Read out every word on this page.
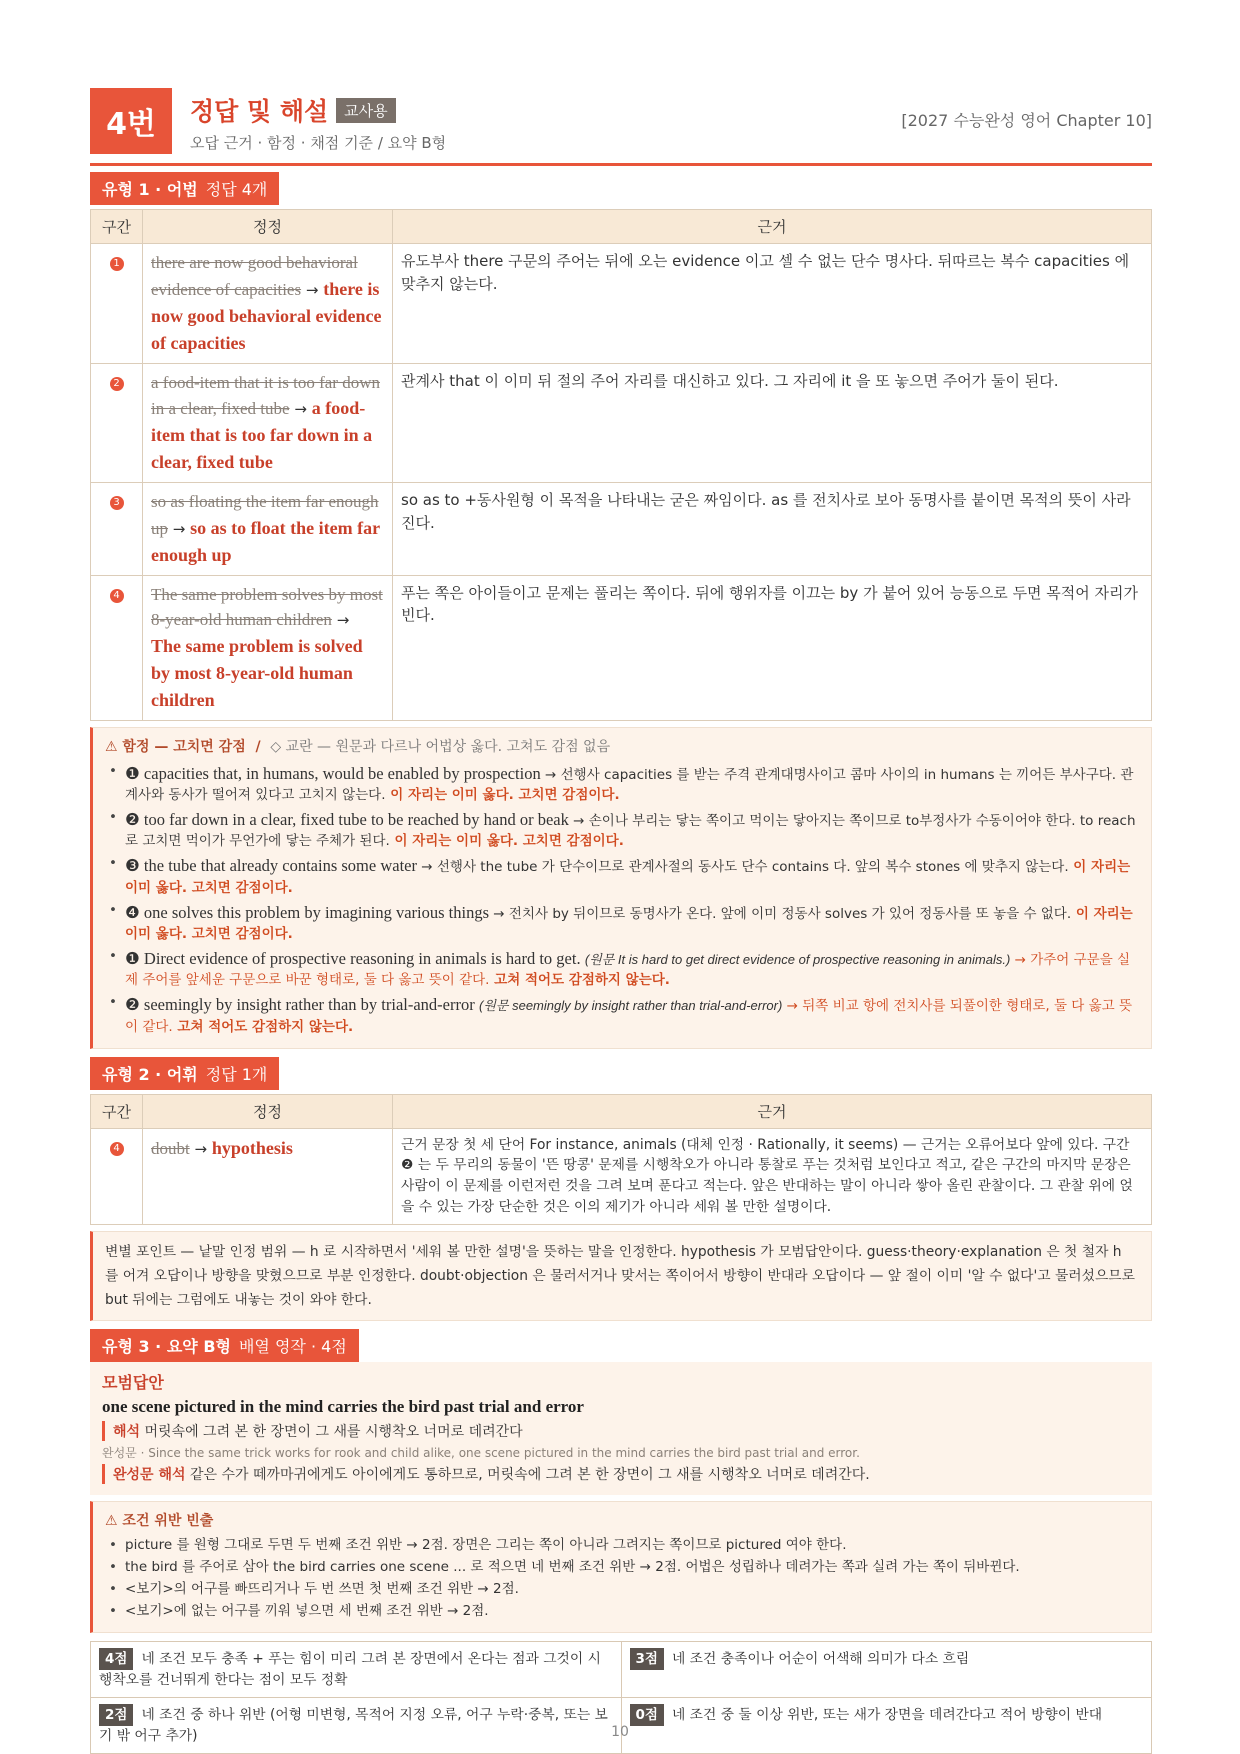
4번	정답 및 해설 교사용
오답 근거 · 함정 · 채점 기준 / 요약 B형
[2027 수능완성 영어 Chapter 10]
유형 1 · 어법 정답 4개
구간	정정	근거
1	there are now good behavioral evidence of capacities → there is now good behavioral evidence of capacities	유도부사 there 구문의 주어는 뒤에 오는 evidence 이고 셀 수 없는 단수 명사다. 뒤따르는 복수 capacities 에 맞추지 않는다.
2	a food-item that it is too far down in a clear, fixed tube → a food-item that is too far down in a clear, fixed tube	관계사 that 이 이미 뒤 절의 주어 자리를 대신하고 있다. 그 자리에 it 을 또 놓으면 주어가 둘이 된다.
3	so as floating the item far enough up → so as to float the item far enough up	so as to +동사원형 이 목적을 나타내는 굳은 짜임이다. as 를 전치사로 보아 동명사를 붙이면 목적의 뜻이 사라진다.
4	The same problem solves by most 8-year-old human children → The same problem is solved by most 8-year-old human children	푸는 쪽은 아이들이고 문제는 풀리는 쪽이다. 뒤에 행위자를 이끄는 by 가 붙어 있어 능동으로 두면 목적어 자리가 빈다.
⚠ 함정 — 고치면 감점 / ◇ 교란 — 원문과 다르나 어법상 옳다. 고쳐도 감점 없음
• ❶ capacities that, in humans, would be enabled by prospection → 선행사 capacities 를 받는 주격 관계대명사이고 콤마 사이의 in humans 는 끼어든 부사구다. 관계사와 동사가 떨어져 있다고 고치지 않는다. 이 자리는 이미 옳다. 고치면 감점이다.
• ❷ too far down in a clear, fixed tube to be reached by hand or beak → 손이나 부리는 닿는 쪽이고 먹이는 닿아지는 쪽이므로 to부정사가 수동이어야 한다. to reach 로 고치면 먹이가 무언가에 닿는 주체가 된다. 이 자리는 이미 옳다. 고치면 감점이다.
• ❸ the tube that already contains some water → 선행사 the tube 가 단수이므로 관계사절의 동사도 단수 contains 다. 앞의 복수 stones 에 맞추지 않는다. 이 자리는 이미 옳다. 고치면 감점이다.
• ❹ one solves this problem by imagining various things → 전치사 by 뒤이므로 동명사가 온다. 앞에 이미 정동사 solves 가 있어 정동사를 또 놓을 수 없다. 이 자리는 이미 옳다. 고치면 감점이다.
• ❶ Direct evidence of prospective reasoning in animals is hard to get. (원문 It is hard to get direct evidence of prospective reasoning in animals.) → 가주어 구문을 실제 주어를 앞세운 구문으로 바꾼 형태로, 둘 다 옳고 뜻이 같다. 고쳐 적어도 감점하지 않는다.
• ❷ seemingly by insight rather than by trial-and-error (원문 seemingly by insight rather than trial-and-error) → 뒤쪽 비교 항에 전치사를 되풀이한 형태로, 둘 다 옳고 뜻이 같다. 고쳐 적어도 감점하지 않는다.
유형 2 · 어휘 정답 1개
구간	정정	근거
4	doubt → hypothesis	근거 문장 첫 세 단어 For instance, animals (대체 인정 · Rationally, it seems) — 근거는 오류어보다 앞에 있다. 구간 ❷ 는 두 무리의 동물이 '뜬 땅콩' 문제를 시행착오가 아니라 통찰로 푸는 것처럼 보인다고 적고, 같은 구간의 마지막 문장은 사람이 이 문제를 이런저런 것을 그려 보며 푼다고 적는다. 앞은 반대하는 말이 아니라 쌓아 올린 관찰이다. 그 관찰 위에 얹을 수 있는 가장 단순한 것은 이의 제기가 아니라 세워 볼 만한 설명이다.
변별 포인트 — 낱말 인정 범위 — h 로 시작하면서 '세워 볼 만한 설명'을 뜻하는 말을 인정한다. hypothesis 가 모범답안이다. guess·theory·explanation 은 첫 철자 h 를 어겨 오답이나 방향을 맞혔으므로 부분 인정한다. doubt·objection 은 물러서거나 맞서는 쪽이어서 방향이 반대라 오답이다 — 앞 절이 이미 '알 수 없다'고 물러섰으므로 but 뒤에는 그럼에도 내놓는 것이 와야 한다.
유형 3 · 요약 B형 배열 영작 · 4점
모범답안
one scene pictured in the mind carries the bird past trial and error
해석 머릿속에 그려 본 한 장면이 그 새를 시행착오 너머로 데려간다
완성문 · Since the same trick works for rook and child alike, one scene pictured in the mind carries the bird past trial and error.
완성문 해석 같은 수가 떼까마귀에게도 아이에게도 통하므로, 머릿속에 그려 본 한 장면이 그 새를 시행착오 너머로 데려간다.
⚠ 조건 위반 빈출
• picture 를 원형 그대로 두면 두 번째 조건 위반 → 2점. 장면은 그리는 쪽이 아니라 그려지는 쪽이므로 pictured 여야 한다.
• the bird 를 주어로 삼아 the bird carries one scene ... 로 적으면 네 번째 조건 위반 → 2점. 어법은 성립하나 데려가는 쪽과 실려 가는 쪽이 뒤바뀐다.
• <보기>의 어구를 빠뜨리거나 두 번 쓰면 첫 번째 조건 위반 → 2점.
• <보기>에 없는 어구를 끼워 넣으면 세 번째 조건 위반 → 2점.
4점 네 조건 모두 충족 + 푸는 힘이 미리 그려 본 장면에서 온다는 점과 그것이 시행착오를 건너뛰게 한다는 점이 모두 정확	3점 네 조건 충족이나 어순이 어색해 의미가 다소 흐림
2점 네 조건 중 하나 위반 (어형 미변형, 목적어 지정 오류, 어구 누락·중복, 또는 보기 밖 어구 추가)	0점 네 조건 중 둘 이상 위반, 또는 새가 장면을 데려간다고 적어 방향이 반대
10
